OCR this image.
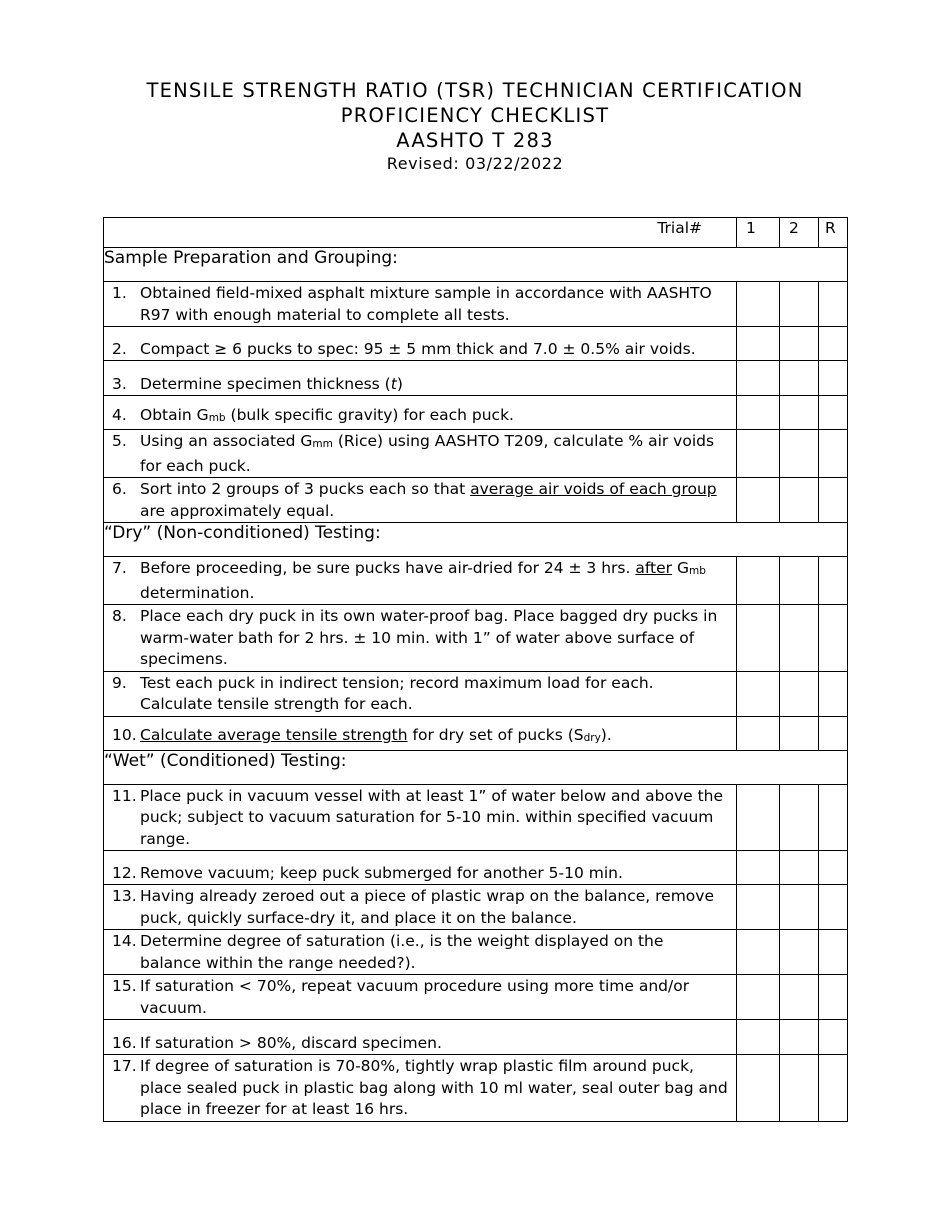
TENSILE STRENGTH RATIO (TSR) TECHNICIAN CERTIFICATION
PROFICIENCY CHECKLIST
AASHTO T 283
Revised: 03/22/2022
Trial#	1	2	R
Sample Preparation and Grouping:			

1. Obtained field-mixed asphalt mixture sample in accordance with AASHTO R97 with enough material to complete all tests.			

2. Compact ≥ 6 pucks to spec: 95 ± 5 mm thick and 7.0 ± 0.5% air voids.			

3. Determine specimen thickness (t)			

4. Obtain $G_{mb}$ (bulk specific gravity) for each puck.			

5. Using an associated $G_{mm}$ (Rice) using AASHTO T209, calculate % air voids for each puck.			

6. Sort into 2 groups of 3 pucks each so that average air voids of each group are approximately equal.			

“Dry” (Non-conditioned) Testing:			

7. Before proceeding, be sure pucks have air-dried for 24 ± 3 hrs. after $G_{mb}$ determination.			

8. Place each dry puck in its own water-proof bag. Place bagged dry pucks in warm-water bath for 2 hrs. ± 10 min. with 1” of water above surface of specimens.			

9. Test each puck in indirect tension; record maximum load for each. Calculate tensile strength for each.			

10. Calculate average tensile strength for dry set of pucks $(S_{dry})$.			

“Wet” (Conditioned) Testing:			

11. Place puck in vacuum vessel with at least 1” of water below and above the puck; subject to vacuum saturation for 5-10 min. within specified vacuum range.			

12. Remove vacuum; keep puck submerged for another 5-10 min.			

13. Having already zeroed out a piece of plastic wrap on the balance, remove puck, quickly surface-dry it, and place it on the balance.			

14. Determine degree of saturation (i.e., is the weight displayed on the balance within the range needed?).			

15. If saturation < 70%, repeat vacuum procedure using more time and/or vacuum.			

16. If saturation > 80%, discard specimen.			

17. If degree of saturation is 70-80%, tightly wrap plastic film around puck, place sealed puck in plastic bag along with 10 ml water, seal outer bag and place in freezer for at least 16 hrs.			
